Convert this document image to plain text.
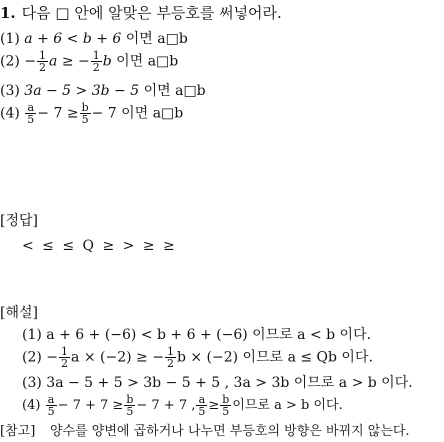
1. 다음 □ 안에 알맞은 부등호를 써넣어라.
(1) a + 6 < b + 6 이면 a□b
$(2) - \frac{1}{2}$ a ≥ − $\frac{1}{2}$ b 이면 a□b
(3) 3a − 5 > 3b − 5 이면 a□b
$(4) \frac{a}{5} - 7 \ge \frac{b}{5} - 7$ 이면 a□b
[정답]
< ≤ ≤ Q ≥ > ≥ ≥
[해설]
(1) a + 6 + (−6) < b + 6 + (−6) 이므로 a < b 이다.
$(2) - \frac{1}{2}$ a × (−2) ≥ − $\frac{1}{2}$ b × (−2) 이므로 a ≤ Qb 이다.
(3) 3a − 5 + 5 > 3b − 5 + 5 , 3a > 3b 이므로 a > b 이다.
$(4) \frac{a}{5} - 7 + 7 \ge \frac{b}{5} - 7 + 7$ , $\frac{a}{5} \ge \frac{b}{5}$ 이므로 a > b 이다.
[참고] 양수를 양변에 곱하거나 나누면 부등호의 방향은 바뀌지 않는다.
